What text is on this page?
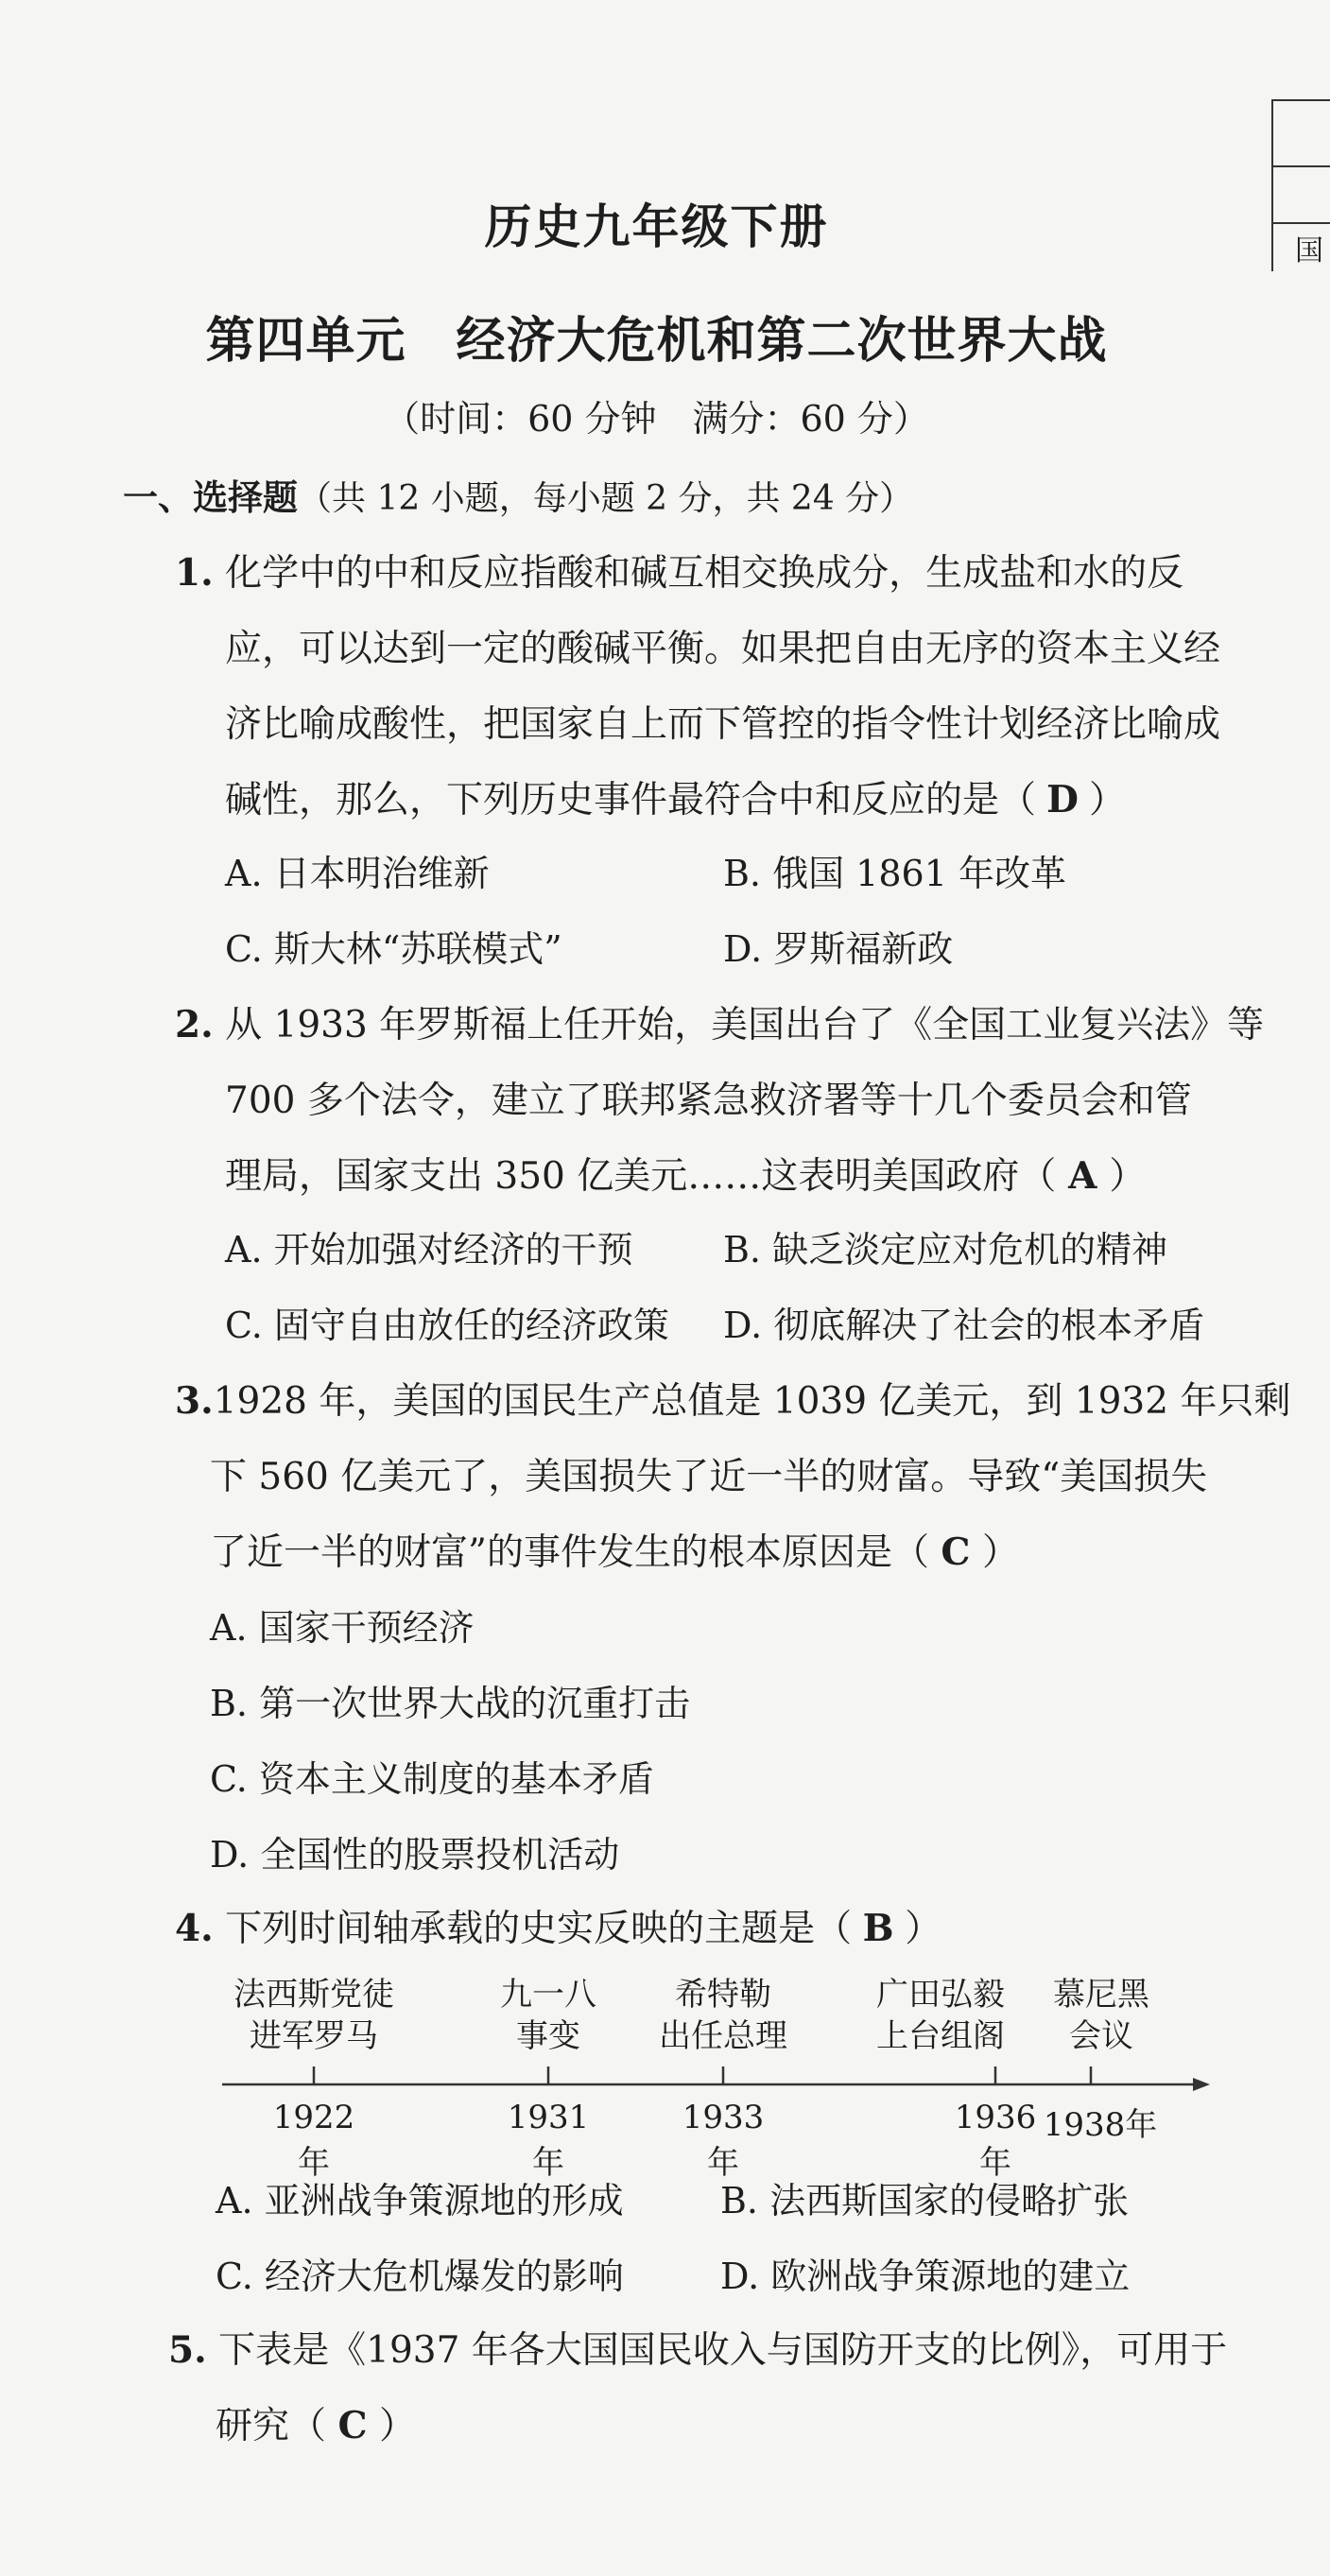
国
历史九年级下册
第四单元　经济大危机和第二次世界大战
（时间：60 分钟　满分：60 分）
一、选择题（共 12 小题，每小题 2 分，共 24 分）
1. 化学中的中和反应指酸和碱互相交换成分，生成盐和水的反
应，可以达到一定的酸碱平衡。如果把自由无序的资本主义经
济比喻成酸性，把国家自上而下管控的指令性计划经济比喻成
碱性，那么，下列历史事件最符合中和反应的是（ D ）
A. 日本明治维新	B. 俄国 1861 年改革
C. 斯大林“苏联模式”	D. 罗斯福新政
2. 从 1933 年罗斯福上任开始，美国出台了《全国工业复兴法》等
700 多个法令，建立了联邦紧急救济署等十几个委员会和管
理局，国家支出 350 亿美元……这表明美国政府（ A ）
A. 开始加强对经济的干预	B. 缺乏淡定应对危机的精神
C. 固守自由放任的经济政策 D. 彻底解决了社会的根本矛盾
3.1928 年，美国的国民生产总值是 1039 亿美元，到 1932 年只剩
下 560 亿美元了，美国损失了近一半的财富。导致“美国损失
了近一半的财富”的事件发生的根本原因是（ C ）
A. 国家干预经济
B. 第一次世界大战的沉重打击
C. 资本主义制度的基本矛盾
D. 全国性的股票投机活动
4. 下列时间轴承载的史实反映的主题是（ B ）
法西斯党徒
进军罗马
九一八
事变
希特勒
出任总理
广田弘毅
上台组阁
慕尼黑
会议
1922年
1931年
1933年
1936年
1938年
A. 亚洲战争策源地的形成	B. 法西斯国家的侵略扩张
C. 经济大危机爆发的影响	D. 欧洲战争策源地的建立
5. 下表是《1937 年各大国国民收入与国防开支的比例》，可用于
研究（ C ）
